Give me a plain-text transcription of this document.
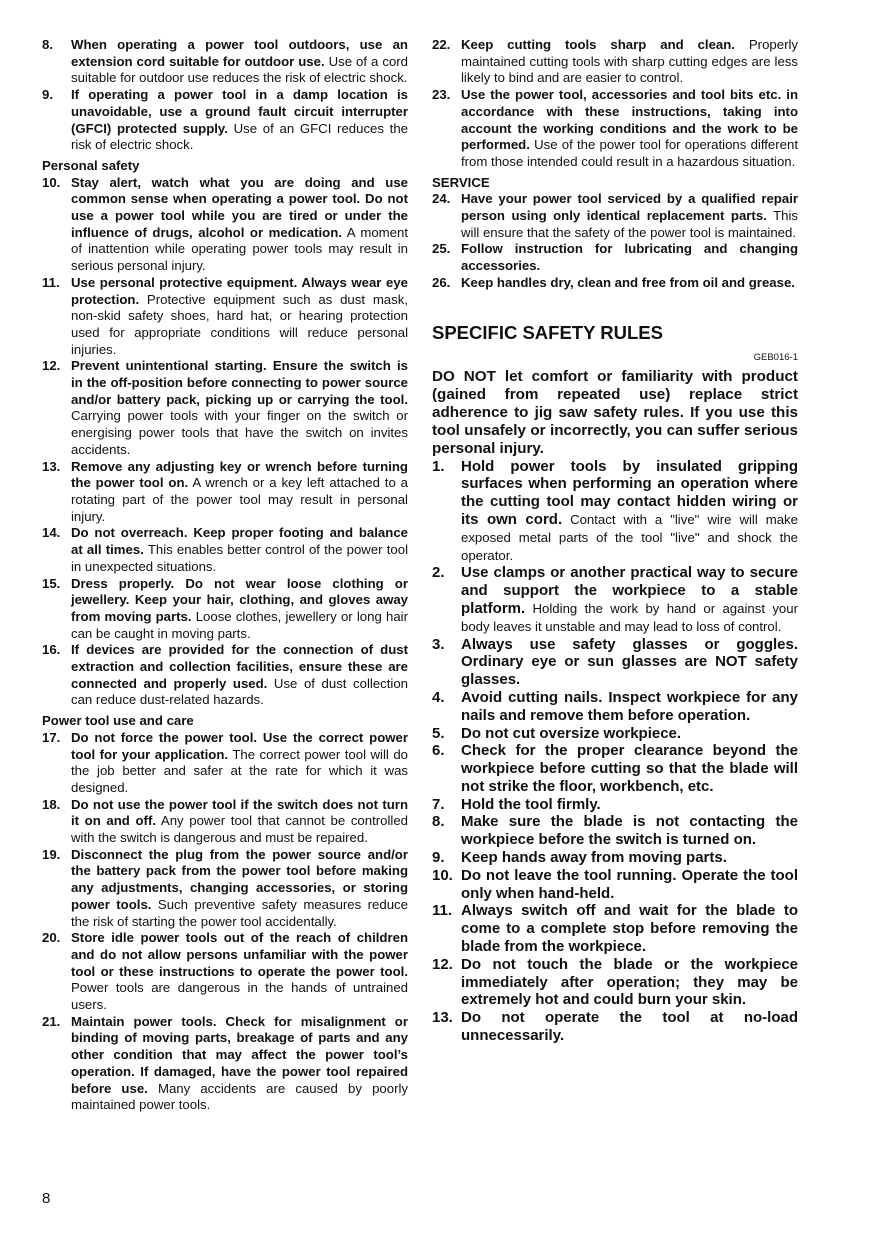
8.	When operating a power tool outdoors, use an extension cord suitable for outdoor use. Use of a cord suitable for outdoor use reduces the risk of electric shock.
9.	If operating a power tool in a damp location is unavoidable, use a ground fault circuit interrupter (GFCI) protected supply. Use of an GFCI reduces the risk of electric shock.
Personal safety
10. Stay alert, watch what you are doing and use common sense when operating a power tool. Do not use a power tool while you are tired or under the influence of drugs, alcohol or medication. A moment of inattention while operating power tools may result in serious personal injury.
11. Use personal protective equipment. Always wear eye protection. Protective equipment such as dust mask, non-skid safety shoes, hard hat, or hearing protection used for appropriate conditions will reduce personal injuries.
12. Prevent unintentional starting. Ensure the switch is in the off-position before connecting to power source and/or battery pack, picking up or carrying the tool. Carrying power tools with your finger on the switch or energising power tools that have the switch on invites accidents.
13. Remove any adjusting key or wrench before turning the power tool on. A wrench or a key left attached to a rotating part of the power tool may result in personal injury.
14. Do not overreach. Keep proper footing and balance at all times. This enables better control of the power tool in unexpected situations.
15. Dress properly. Do not wear loose clothing or jewellery. Keep your hair, clothing, and gloves away from moving parts. Loose clothes, jewellery or long hair can be caught in moving parts.
16. If devices are provided for the connection of dust extraction and collection facilities, ensure these are connected and properly used. Use of dust collection can reduce dust-related hazards.
Power tool use and care
17. Do not force the power tool. Use the correct power tool for your application. The correct power tool will do the job better and safer at the rate for which it was designed.
18. Do not use the power tool if the switch does not turn it on and off. Any power tool that cannot be controlled with the switch is dangerous and must be repaired.
19. Disconnect the plug from the power source and/or the battery pack from the power tool before making any adjustments, changing accessories, or storing power tools. Such preventive safety measures reduce the risk of starting the power tool accidentally.
20. Store idle power tools out of the reach of children and do not allow persons unfamiliar with the power tool or these instructions to operate the power tool. Power tools are dangerous in the hands of untrained users.
21. Maintain power tools. Check for misalignment or binding of moving parts, breakage of parts and any other condition that may affect the power tool’s operation. If damaged, have the power tool repaired before use. Many accidents are caused by poorly maintained power tools.
22. Keep cutting tools sharp and clean. Properly maintained cutting tools with sharp cutting edges are less likely to bind and are easier to control.
23. Use the power tool, accessories and tool bits etc. in accordance with these instructions, taking into account the working conditions and the work to be performed. Use of the power tool for operations different from those intended could result in a hazardous situation.
SERVICE
24. Have your power tool serviced by a qualified repair person using only identical replacement parts. This will ensure that the safety of the power tool is maintained.
25. Follow instruction for lubricating and changing accessories.
26. Keep handles dry, clean and free from oil and grease.
SPECIFIC SAFETY RULES
GEB016-1
DO NOT let comfort or familiarity with product (gained from repeated use) replace strict adherence to jig saw safety rules. If you use this tool unsafely or incorrectly, you can suffer serious personal injury.
1.	Hold power tools by insulated gripping surfaces when performing an operation where the cutting tool may contact hidden wiring or its own cord. Contact with a "live" wire will make exposed metal parts of the tool "live" and shock the operator.
2.	Use clamps or another practical way to secure and support the workpiece to a stable platform. Holding the work by hand or against your body leaves it unstable and may lead to loss of control.
3.	Always use safety glasses or goggles. Ordinary eye or sun glasses are NOT safety glasses.
4.	Avoid cutting nails. Inspect workpiece for any nails and remove them before operation.
5.	Do not cut oversize workpiece.
6.	Check for the proper clearance beyond the workpiece before cutting so that the blade will not strike the floor, workbench, etc.
7.	Hold the tool firmly.
8.	Make sure the blade is not contacting the workpiece before the switch is turned on.
9.	Keep hands away from moving parts.
10. Do not leave the tool running. Operate the tool only when hand-held.
11. Always switch off and wait for the blade to come to a complete stop before removing the blade from the workpiece.
12. Do not touch the blade or the workpiece immediately after operation; they may be extremely hot and could burn your skin.
13. Do not operate the tool at no-load unnecessarily.
8
